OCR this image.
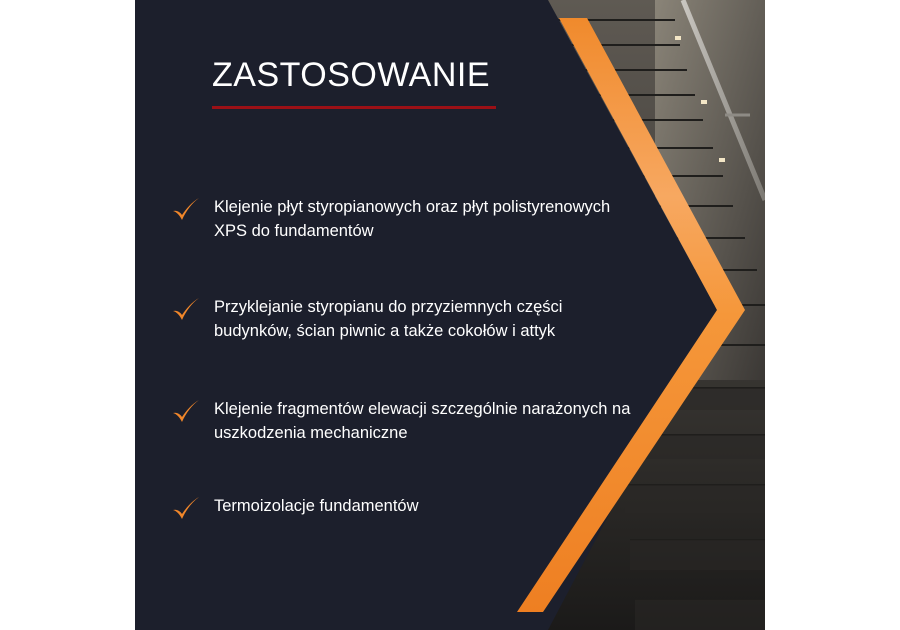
ZASTOSOWANIE
Klejenie płyt styropianowych oraz płyt polistyrenowych XPS do fundamentów
Przyklejanie styropianu do przyziemnych części budynków, ścian piwnic a także cokołów i attyk
Klejenie fragmentów elewacji szczególnie narażonych na uszkodzenia mechaniczne
Termoizolacje fundamentów
